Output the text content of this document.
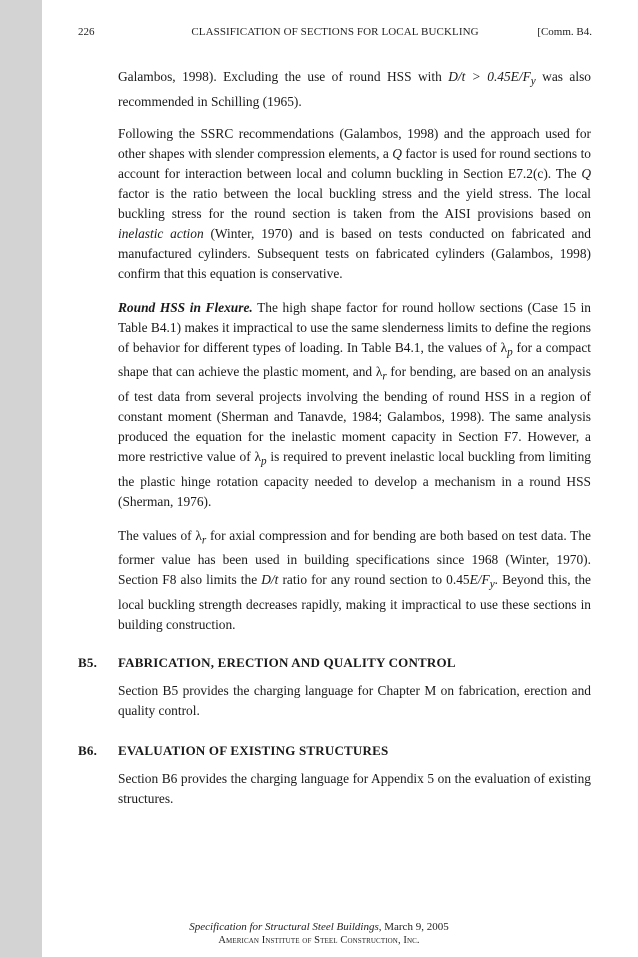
226	CLASSIFICATION OF SECTIONS FOR LOCAL BUCKLING	[Comm. B4.

Galambos, 1998). Excluding the use of round HSS with $D/t > 0.45E/F_y$ was also recommended in Schilling (1965).

Following the SSRC recommendations (Galambos, 1998) and the approach used for other shapes with slender compression elements, a Q factor is used for round sections to account for interaction between local and column buckling in Section E7.2(c). The Q factor is the ratio between the local buckling stress and the yield stress. The local buckling stress for the round section is taken from the AISI provisions based on inelastic action (Winter, 1970) and is based on tests conducted on fabricated and manufactured cylinders. Subsequent tests on fabricated cylinders (Galambos, 1998) confirm that this equation is conservative.

Round HSS in Flexure. The high shape factor for round hollow sections (Case 15 in Table B4.1) makes it impractical to use the same slenderness limits to define the regions of behavior for different types of loading. In Table B4.1, the values of $\lambda_p$ for a compact shape that can achieve the plastic moment, and $\lambda_r$ for bending, are based on an analysis of test data from several projects involving the bending of round HSS in a region of constant moment (Sherman and Tanavde, 1984; Galambos, 1998). The same analysis produced the equation for the inelastic moment capacity in Section F7. However, a more restrictive value of $\lambda_p$ is required to prevent inelastic local buckling from limiting the plastic hinge rotation capacity needed to develop a mechanism in a round HSS (Sherman, 1976).

The values of $\lambda_r$ for axial compression and for bending are both based on test data. The former value has been used in building specifications since 1968 (Winter, 1970). Section F8 also limits the D/t ratio for any round section to $0.45E/F_y$. Beyond this, the local buckling strength decreases rapidly, making it impractical to use these sections in building construction.

B5. FABRICATION, ERECTION AND QUALITY CONTROL

Section B5 provides the charging language for Chapter M on fabrication, erection and quality control.

B6. EVALUATION OF EXISTING STRUCTURES

Section B6 provides the charging language for Appendix 5 on the evaluation of existing structures.

Specification for Structural Steel Buildings, March 9, 2005
American Institute of Steel Construction, Inc.
